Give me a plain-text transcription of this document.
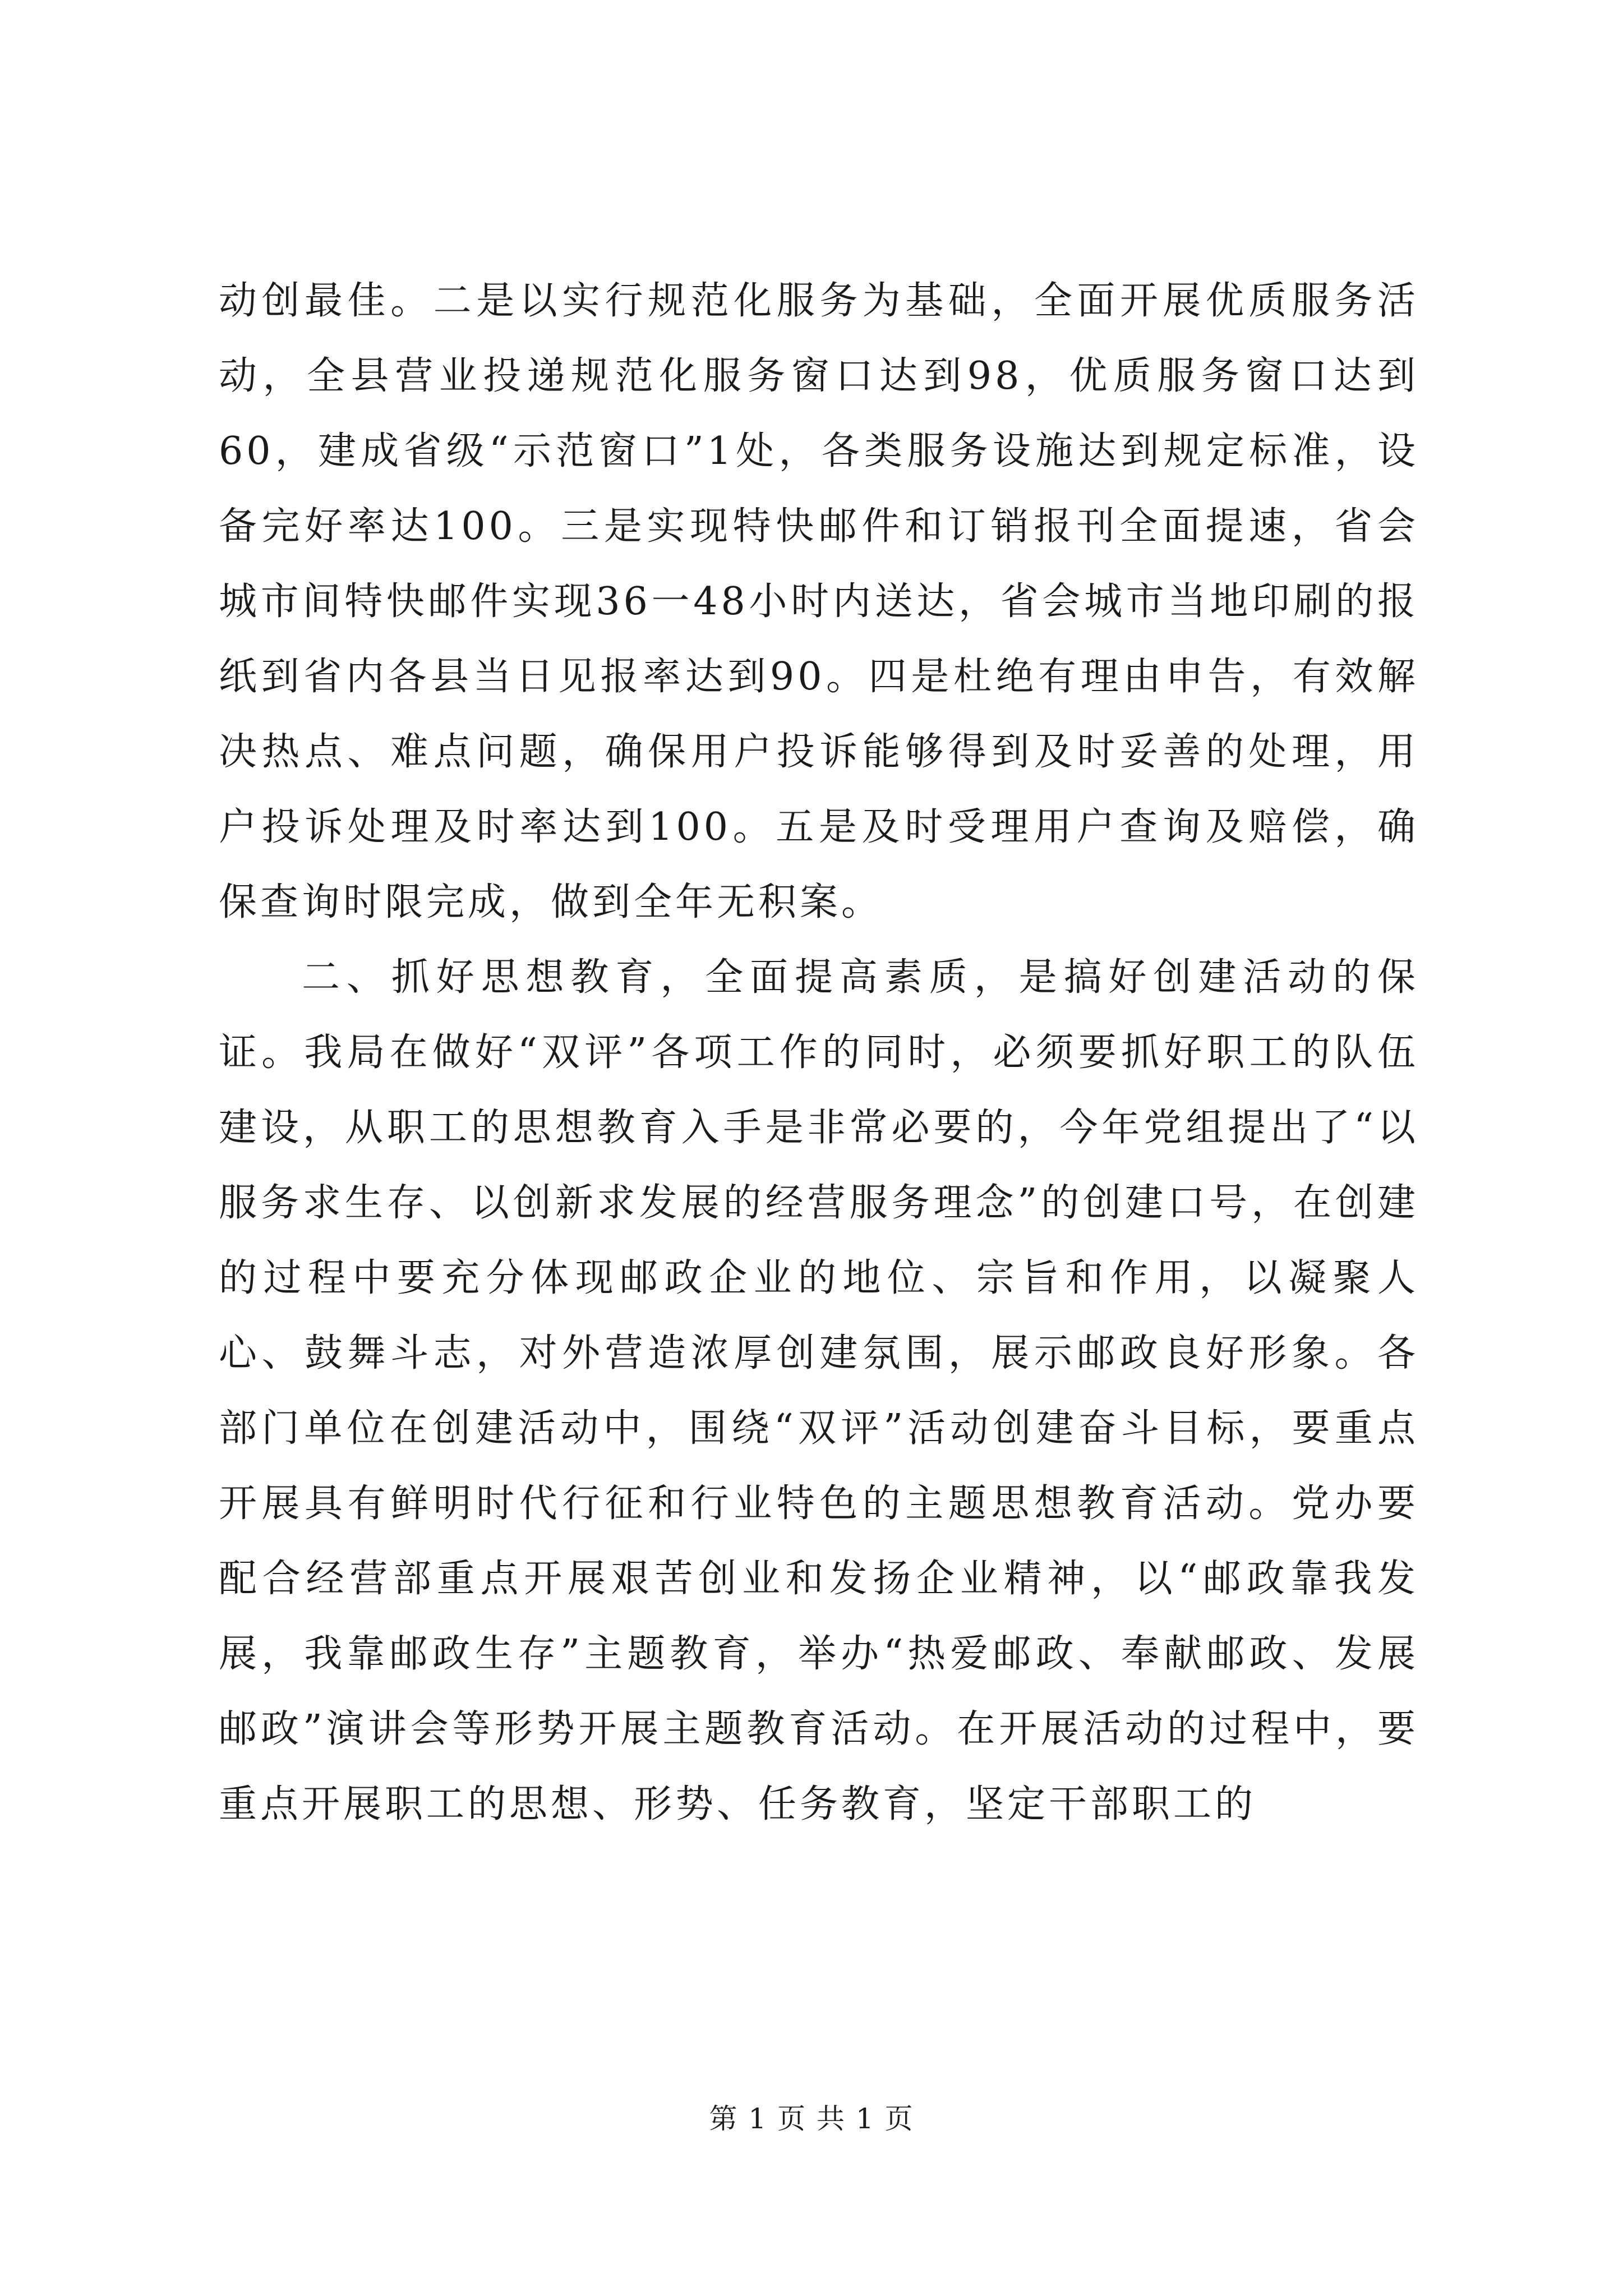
动创最佳。二是以实行规范化服务为基础，全面开展优质服务活动，全县营业投递规范化服务窗口达到98，优质服务窗口达到60，建成省级“示范窗口”1处，各类服务设施达到规定标准，设备完好率达100。三是实现特快邮件和订销报刊全面提速，省会城市间特快邮件实现36一48小时内送达，省会城市当地印刷的报纸到省内各县当日见报率达到90。四是杜绝有理由申告，有效解决热点、难点问题，确保用户投诉能够得到及时妥善的处理，用户投诉处理及时率达到100。五是及时受理用户查询及赔偿，确保查询时限完成，做到全年无积案。

二、抓好思想教育，全面提高素质，是搞好创建活动的保证。我局在做好“双评”各项工作的同时，必须要抓好职工的队伍建设，从职工的思想教育入手是非常必要的，今年党组提出了“以服务求生存、以创新求发展的经营服务理念”的创建口号，在创建的过程中要充分体现邮政企业的地位、宗旨和作用，以凝聚人心、鼓舞斗志，对外营造浓厚创建氛围，展示邮政良好形象。各部门单位在创建活动中，围绕“双评”活动创建奋斗目标，要重点开展具有鲜明时代行征和行业特色的主题思想教育活动。党办要配合经营部重点开展艰苦创业和发扬企业精神，以“邮政靠我发展，我靠邮政生存”主题教育，举办“热爱邮政、奉献邮政、发展邮政”演讲会等形势开展主题教育活动。在开展活动的过程中，要重点开展职工的思想、形势、任务教育，坚定干部职工的

第 1 页 共 1 页
